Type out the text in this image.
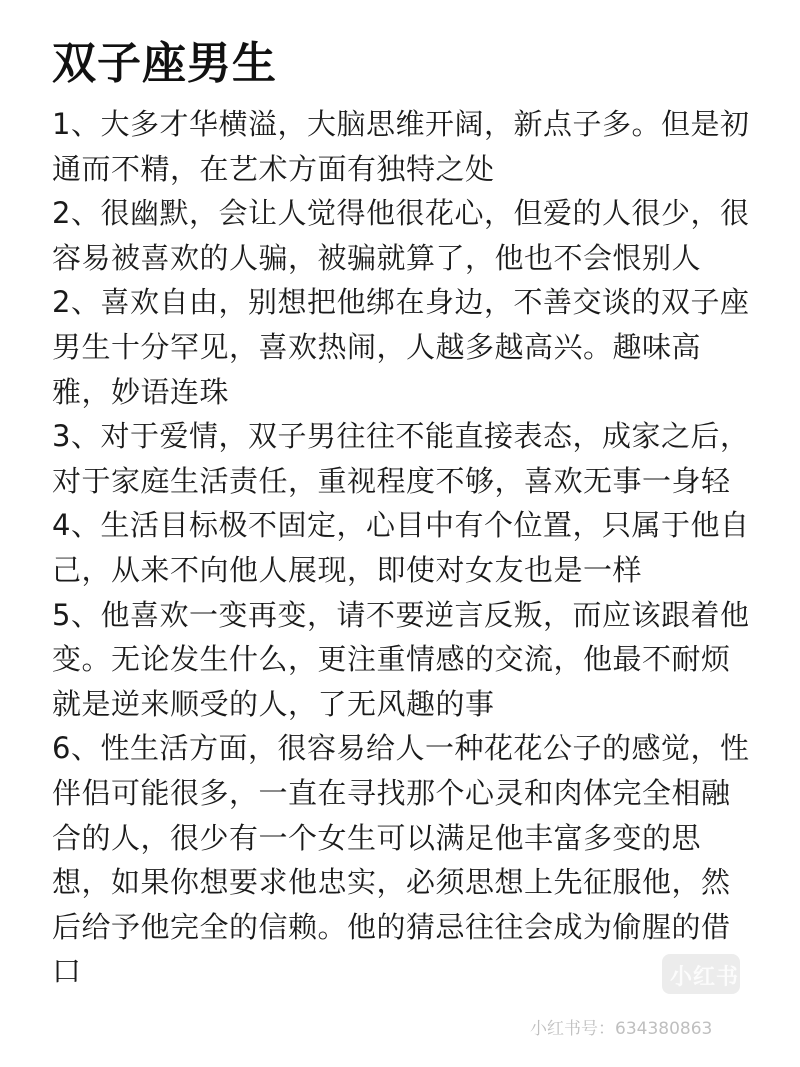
双子座男生

1、大多才华横溢，大脑思维开阔，新点子多。但是初通而不精，在艺术方面有独特之处

2、很幽默，会让人觉得他很花心，但爱的人很少，很容易被喜欢的人骗，被骗就算了，他也不会恨别人

2、喜欢自由，别想把他绑在身边，不善交谈的双子座男生十分罕见，喜欢热闹，人越多越高兴。趣味高雅，妙语连珠

3、对于爱情，双子男往往不能直接表态，成家之后，对于家庭生活责任，重视程度不够，喜欢无事一身轻

4、生活目标极不固定，心目中有个位置，只属于他自己，从来不向他人展现，即使对女友也是一样

5、他喜欢一变再变，请不要逆言反叛，而应该跟着他变。无论发生什么，更注重情感的交流，他最不耐烦就是逆来顺受的人，了无风趣的事

6、性生活方面，很容易给人一种花花公子的感觉，性伴侣可能很多，一直在寻找那个心灵和肉体完全相融合的人，很少有一个女生可以满足他丰富多变的思想，如果你想要求他忠实，必须思想上先征服他，然后给予他完全的信赖。他的猜忌往往会成为偷腥的借口	小红书
小红书号：634380863
